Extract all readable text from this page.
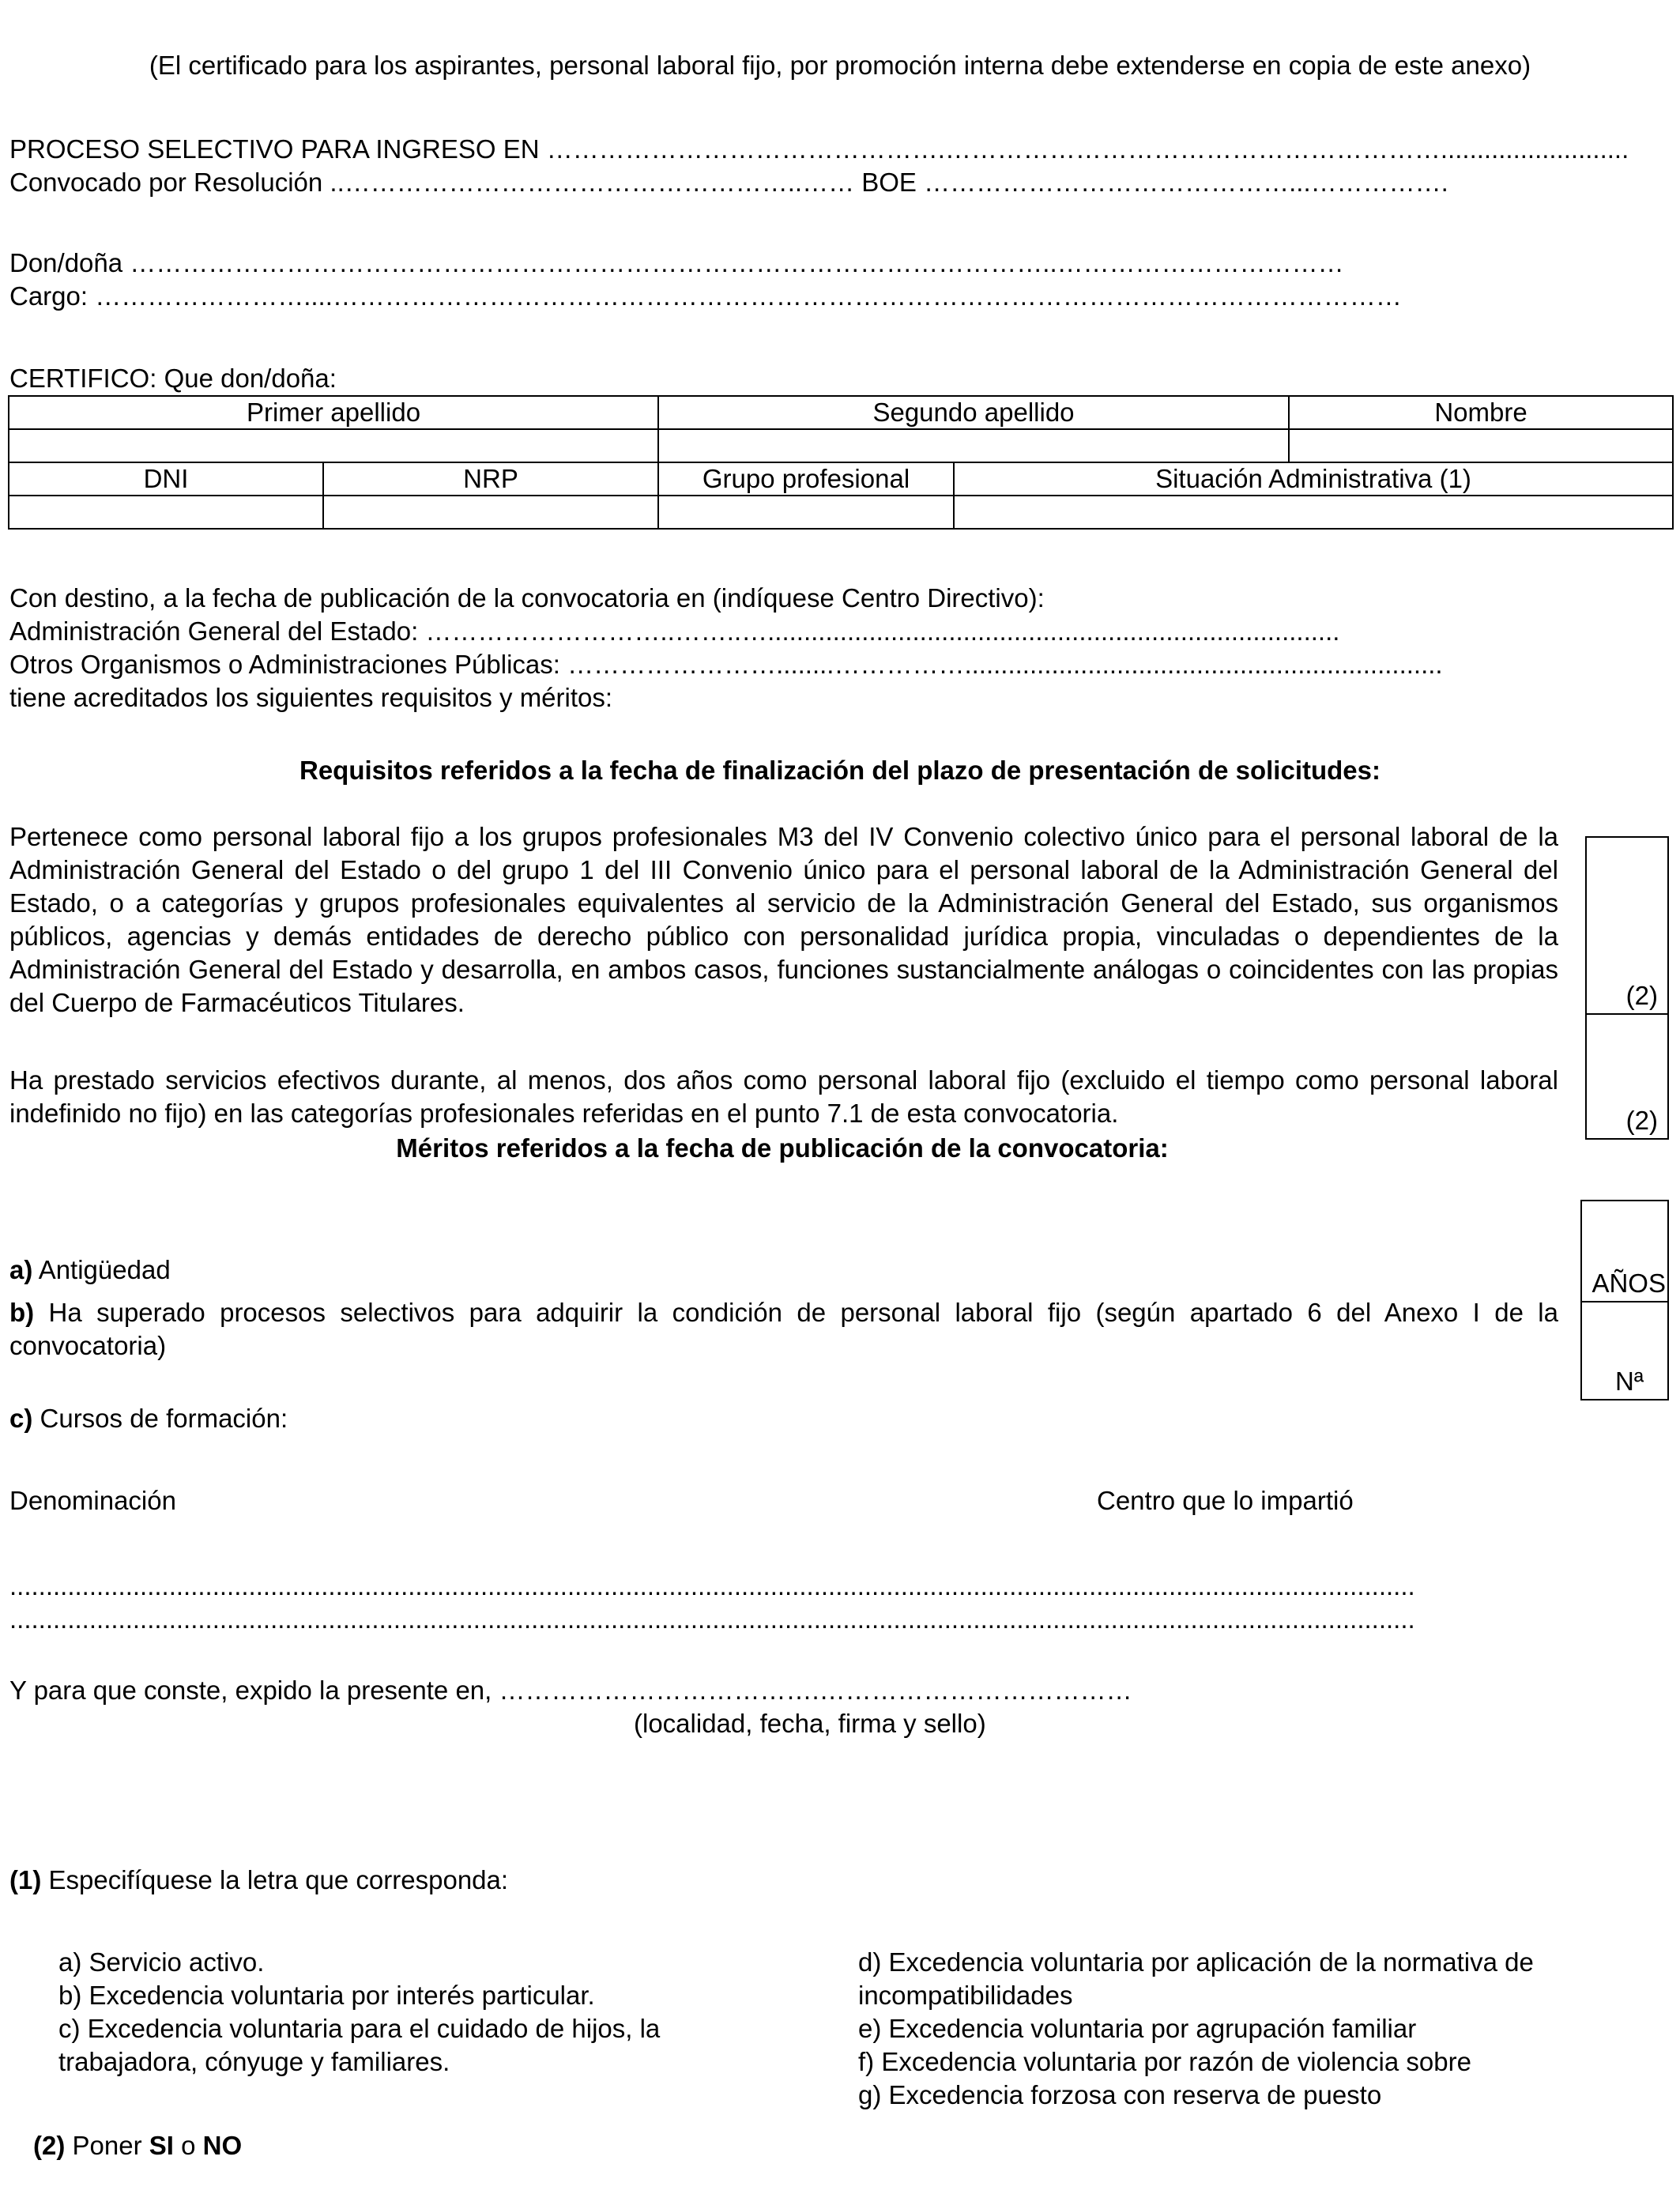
(El certificado para los aspirantes, personal laboral fijo, por promoción interna debe extenderse en copia de este anexo)
PROCESO SELECTIVO PARA INGRESO EN ……………………………………….…………………………………………………..........................
Convocado por Resolución ..……………………………………………..…… BOE ……………………………………...…………….
Don/doña ……………………………………………………………………………………………..……………………………
Cargo: ……………………....……………………………………………………………………………………………………………
CERTIFICO: Que don/doña:
Primer apellido		Segundo apellido		Nombre

DNI	NRP	Grupo profesional	Situación Administrativa (1)	

Con destino, a la fecha de publicación de la convocatoria en (indíquese Centro Directivo):
Administración General del Estado: ………………………..……..…...............................................................................
Otros Organismos o Administraciones Públicas: ……………………........……………..................................................................
tiene acreditados los siguientes requisitos y méritos:
Requisitos referidos a la fecha de finalización del plazo de presentación de solicitudes:
Pertenece como personal laboral fijo a los grupos profesionales M3 del IV Convenio colectivo único para el personal laboral de la Administración General del Estado o del grupo 1 del III Convenio único para el personal laboral de la Administración General del Estado, o a categorías y grupos profesionales equivalentes al servicio de la Administración General del Estado, sus organismos públicos, agencias y demás entidades de derecho público con personalidad jurídica propia, vinculadas o dependientes de la Administración General del Estado y desarrolla, en ambos casos, funciones sustancialmente análogas o coincidentes con las propias del Cuerpo de Farmacéuticos Titulares.
Ha prestado servicios efectivos durante, al menos, dos años como personal laboral fijo (excluido el tiempo como personal laboral indefinido no fijo) en las categorías profesionales referidas en el punto 7.1 de esta convocatoria.
(2)
(2)
Méritos referidos a la fecha de publicación de la convocatoria:
a) Antigüedad
b) Ha superado procesos selectivos para adquirir la condición de personal laboral fijo (según apartado 6 del Anexo I de la convocatoria)
c) Cursos de formación:
AÑOS
Nª
Denominación	Centro que lo impartió
..................................................................................................................................................................................................
..................................................................................................................................................................................................
Y para que conste, expido la presente en, ……………………………….………………………………
(localidad, fecha, firma y sello)
(1) Especifíquese la letra que corresponda:
a) Servicio activo.
b) Excedencia voluntaria por interés particular.
c) Excedencia voluntaria para el cuidado de hijos, la
trabajadora, cónyuge y familiares.
d) Excedencia voluntaria por aplicación de la normativa de
incompatibilidades
e) Excedencia voluntaria por agrupación familiar
f) Excedencia voluntaria por razón de violencia sobre
g) Excedencia forzosa con reserva de puesto
(2) Poner SI o NO
